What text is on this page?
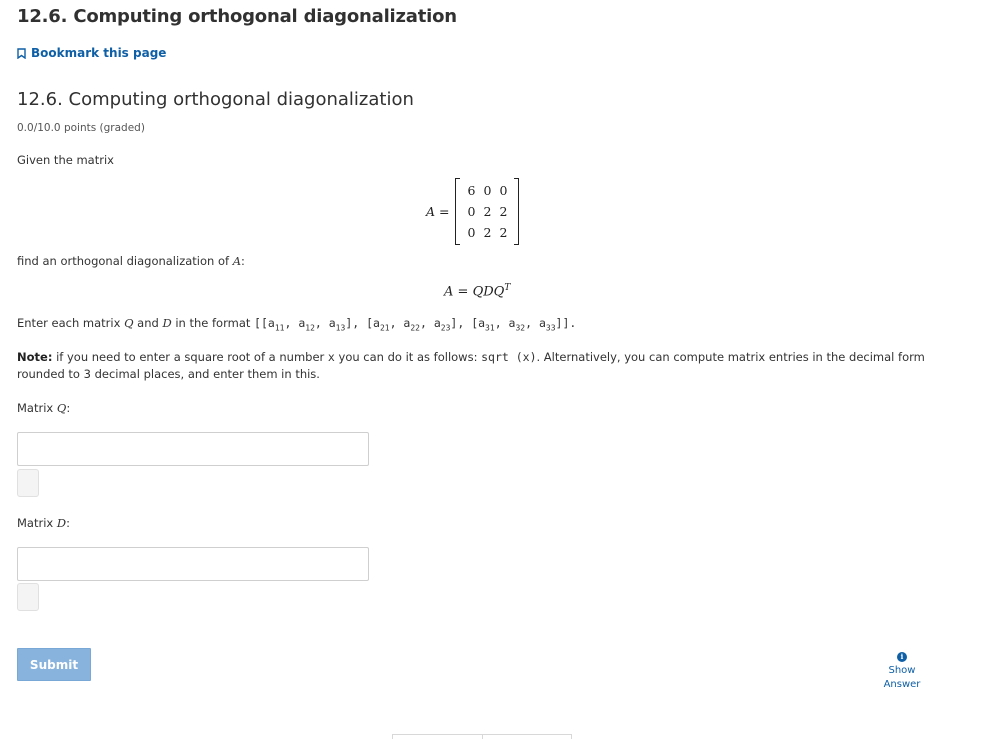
12.6. Computing orthogonal diagonalization
Bookmark this page
12.6. Computing orthogonal diagonalization
0.0/10.0 points (graded)
Given the matrix
A =
6 0 0
0 2 2
0 2 2
find an orthogonal diagonalization of A:
$A = QDQ^T$
Enter each matrix Q and D in the format [[$a_{11}$, $a_{12}$, $a_{13}$], [$a_{21}$, $a_{22}$, $a_{23}$], [$a_{31}$, $a_{32}$, $a_{33}$]].
Note: if you need to enter a square root of a number x you can do it as follows: sqrt (x). Alternatively, you can compute matrix entries in the decimal form rounded to 3 decimal places, and enter them in this.
Matrix Q:
Matrix D:
Submit
i
Show
Answer
